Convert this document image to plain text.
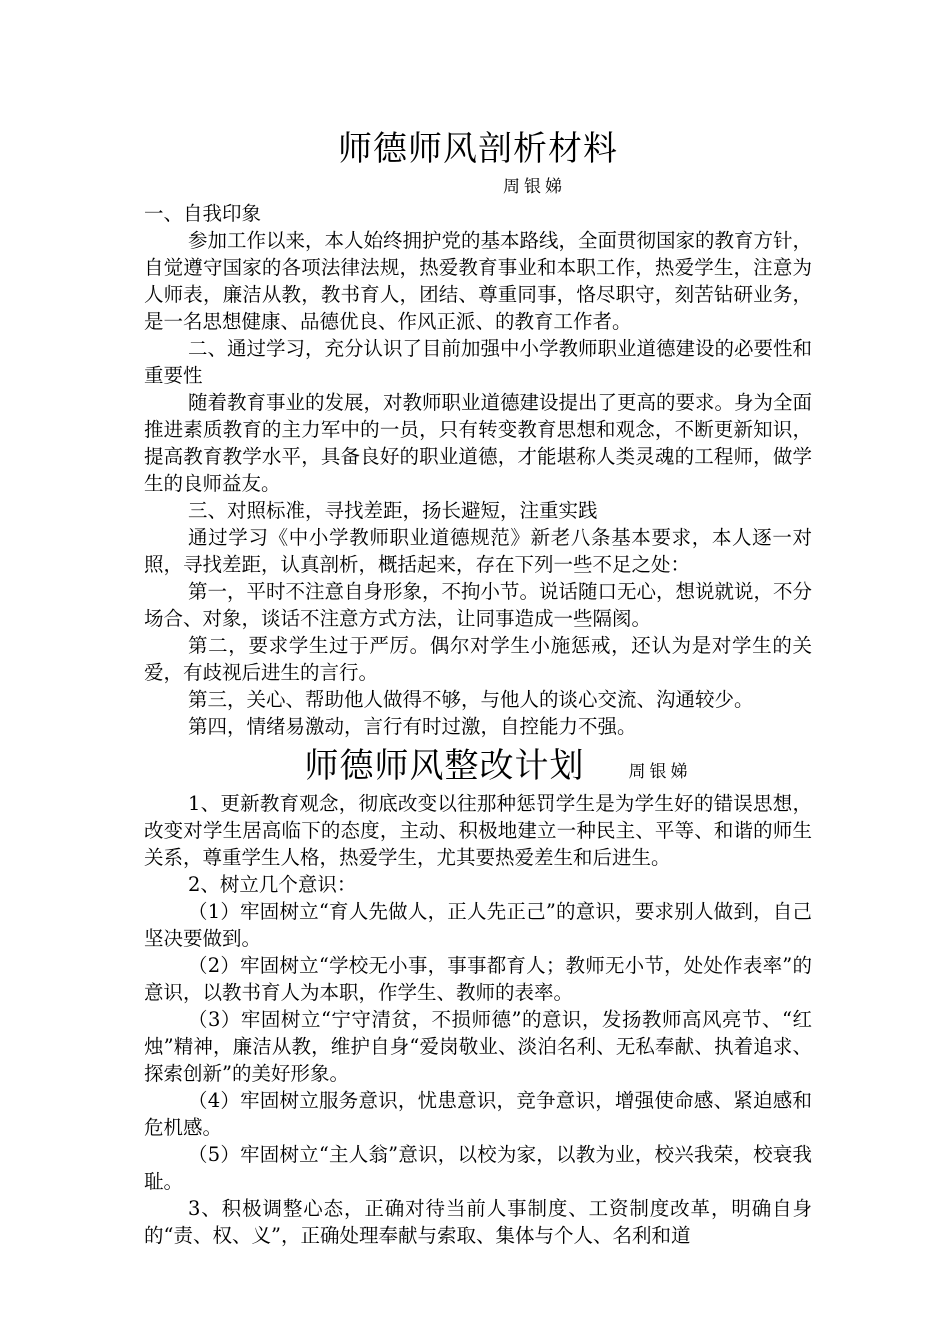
师德师风剖析材料

周银娣

一、自我印象

参加工作以来，本人始终拥护党的基本路线，全面贯彻国家的教育方针，自觉遵守国家的各项法律法规，热爱教育事业和本职工作，热爱学生，注意为人师表，廉洁从教，教书育人，团结、尊重同事，恪尽职守，刻苦钻研业务，是一名思想健康、品德优良、作风正派、的教育工作者。

二、通过学习，充分认识了目前加强中小学教师职业道德建设的必要性和重要性

随着教育事业的发展，对教师职业道德建设提出了更高的要求。身为全面推进素质教育的主力军中的一员，只有转变教育思想和观念，不断更新知识，提高教育教学水平，具备良好的职业道德，才能堪称人类灵魂的工程师，做学生的良师益友。

三、对照标准，寻找差距，扬长避短，注重实践

通过学习《中小学教师职业道德规范》新老八条基本要求，本人逐一对照，寻找差距，认真剖析，概括起来，存在下列一些不足之处：

第一，平时不注意自身形象，不拘小节。说话随口无心，想说就说，不分场合、对象，谈话不注意方式方法，让同事造成一些隔阂。

第二，要求学生过于严厉。偶尔对学生小施惩戒，还认为是对学生的关爱，有歧视后进生的言行。

第三，关心、帮助他人做得不够，与他人的谈心交流、沟通较少。

第四，情绪易激动，言行有时过激，自控能力不强。

师德师风整改计划	周银娣

1、更新教育观念，彻底改变以往那种惩罚学生是为学生好的错误思想，改变对学生居高临下的态度，主动、积极地建立一种民主、平等、和谐的师生关系，尊重学生人格，热爱学生，尤其要热爱差生和后进生。

2、树立几个意识：

（1）牢固树立“育人先做人，正人先正己”的意识，要求别人做到，自己坚决要做到。

（2）牢固树立“学校无小事，事事都育人；教师无小节，处处作表率”的意识，以教书育人为本职，作学生、教师的表率。

（3）牢固树立“宁守清贫，不损师德”的意识，发扬教师高风亮节、“红烛”精神，廉洁从教，维护自身“爱岗敬业、淡泊名利、无私奉献、执着追求、探索创新”的美好形象。

（4）牢固树立服务意识，忧患意识，竞争意识，增强使命感、紧迫感和危机感。

（5）牢固树立“主人翁”意识，以校为家，以教为业，校兴我荣，校衰我耻。

3、积极调整心态，正确对待当前人事制度、工资制度改革，明确自身的“责、权、义”，正确处理奉献与索取、集体与个人、名利和道
